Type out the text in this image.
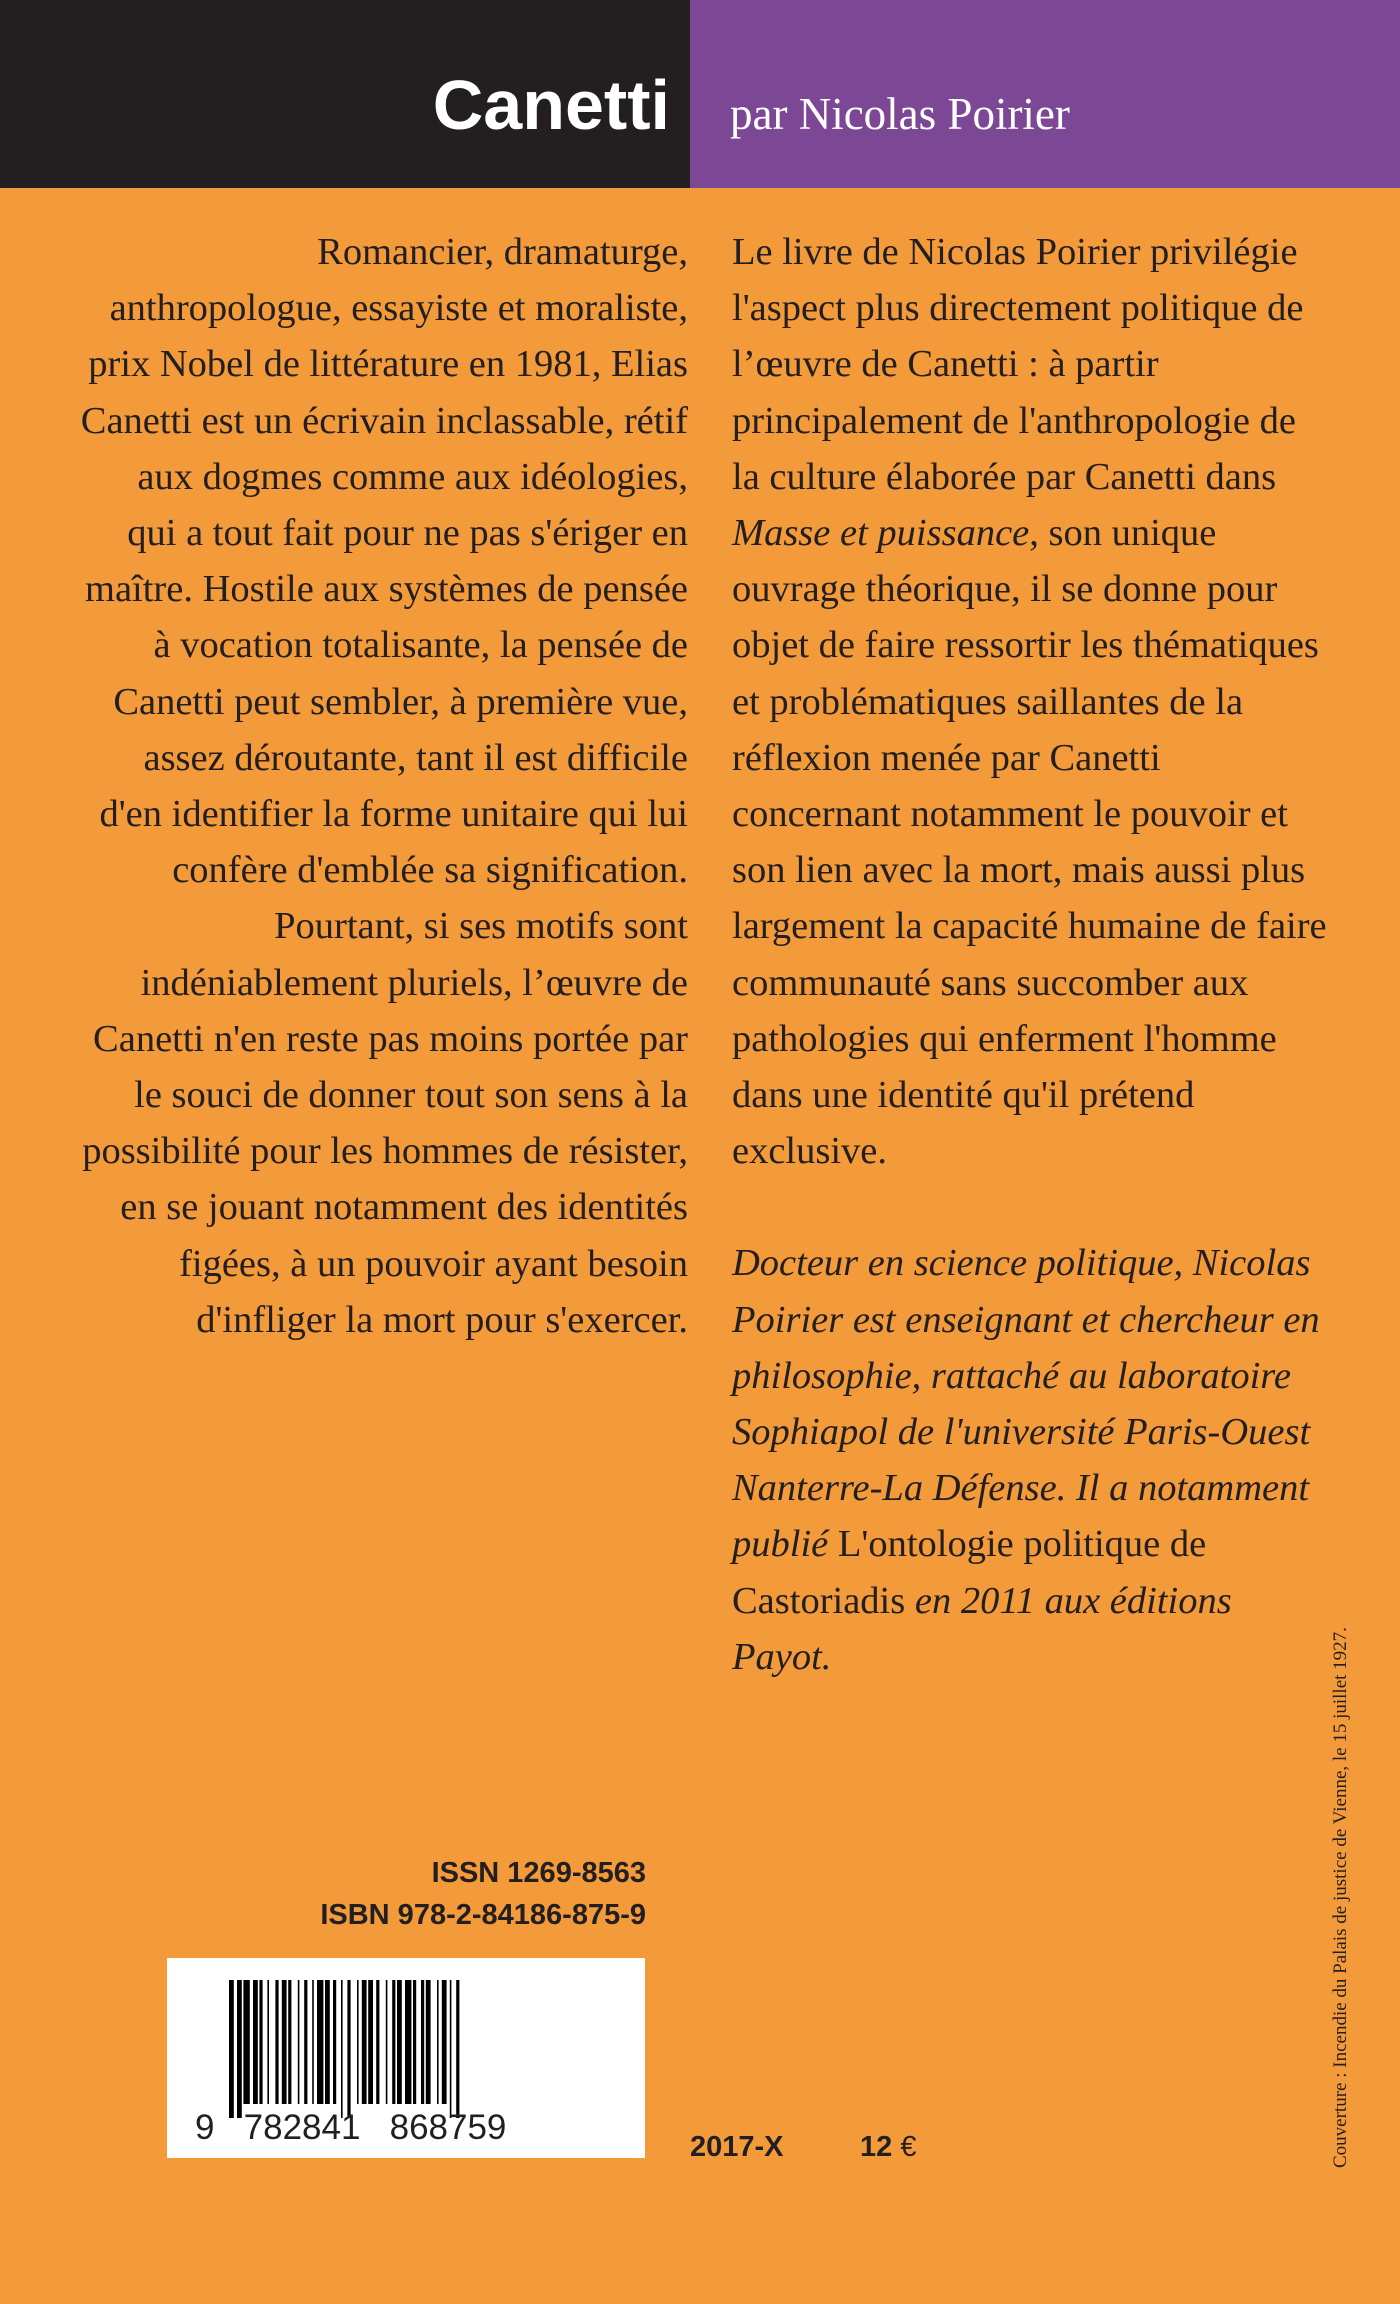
Canetti par Nicolas Poirier

Romancier, dramaturge, anthropologue, essayiste et moraliste, prix Nobel de littérature en 1981, Elias Canetti est un écrivain inclassable, rétif aux dogmes comme aux idéologies, qui a tout fait pour ne pas s'ériger en maître. Hostile aux systèmes de pensée à vocation totalisante, la pensée de Canetti peut sembler, à première vue, assez déroutante, tant il est difficile d'en identifier la forme unitaire qui lui confère d'emblée sa signification. Pourtant, si ses motifs sont indéniablement pluriels, l’œuvre de Canetti n'en reste pas moins portée par le souci de donner tout son sens à la possibilité pour les hommes de résister, en se jouant notamment des identités figées, à un pouvoir ayant besoin d'infliger la mort pour s'exercer.

Le livre de Nicolas Poirier privilégie l'aspect plus directement politique de l’œuvre de Canetti : à partir principalement de l'anthropologie de la culture élaborée par Canetti dans Masse et puissance, son unique ouvrage théorique, il se donne pour objet de faire ressortir les thématiques et problématiques saillantes de la réflexion menée par Canetti concernant notamment le pouvoir et son lien avec la mort, mais aussi plus largement la capacité humaine de faire communauté sans succomber aux pathologies qui enferment l'homme dans une identité qu'il prétend exclusive.

Docteur en science politique, Nicolas Poirier est enseignant et chercheur en philosophie, rattaché au laboratoire Sophiapol de l'université Paris-Ouest Nanterre-La Défense. Il a notamment publié L'ontologie politique de Castoriadis en 2011 aux éditions Payot.

ISSN 1269-8563
ISBN 978-2-84186-875-9
9   782841   868759	2017-X	12 €	Couverture : Incendie du Palais de justice de Vienne, le 15 juillet 1927.
